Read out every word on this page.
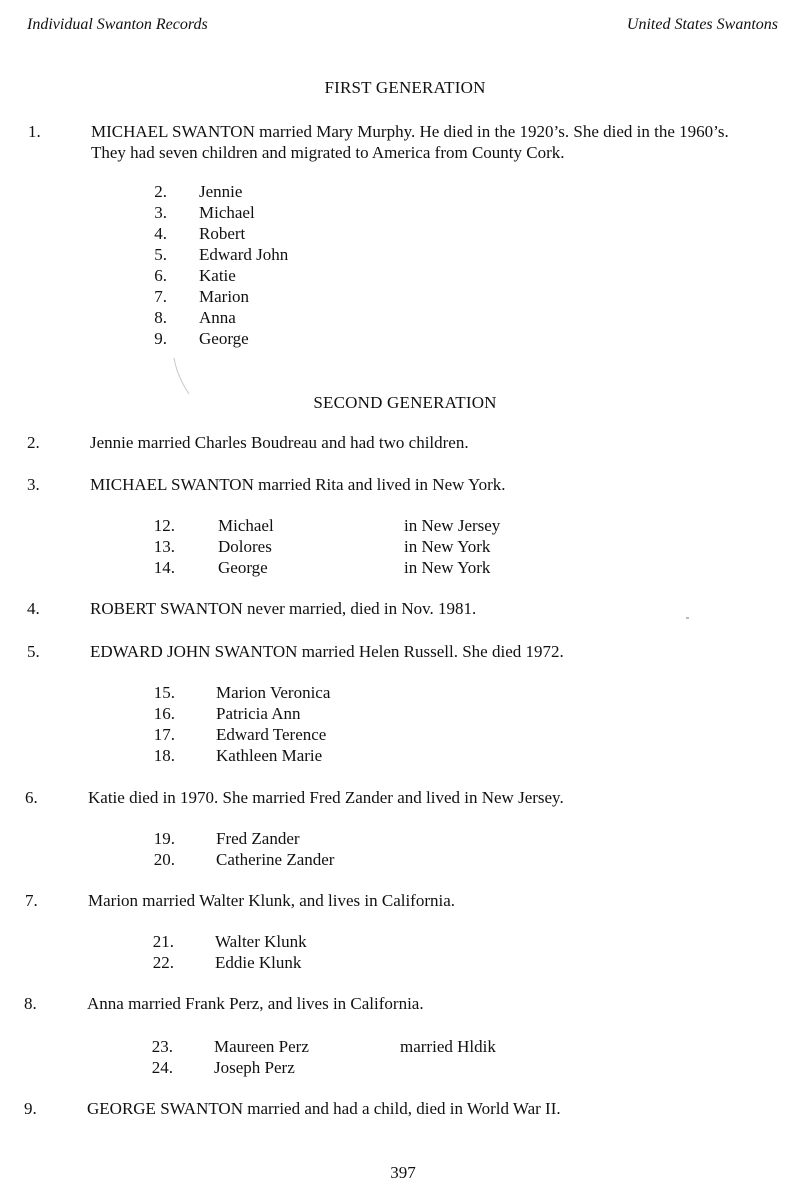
Individual Swanton Records	United States Swantons
FIRST GENERATION
1.	MICHAEL SWANTON married Mary Murphy. He died in the 1920’s. She died in the 1960’s.
They had seven children and migrated to America from County Cork.
2. Jennie
3. Michael
4. Robert
5. Edward John
6. Katie
7. Marion
8. Anna
9. George
SECOND GENERATION
2.	Jennie married Charles Boudreau and had two children.
3.	MICHAEL SWANTON married Rita and lived in New York.
12.	Michael	in New Jersey
13.	Dolores	in New York
14.	George	in New York
4.	ROBERT SWANTON never married, died in Nov. 1981.
5.	EDWARD JOHN SWANTON married Helen Russell. She died 1972.
15. Marion Veronica
16. Patricia Ann
17. Edward Terence
18. Kathleen Marie
6.	Katie died in 1970. She married Fred Zander and lived in New Jersey.
19. Fred Zander
20. Catherine Zander
7.	Marion married Walter Klunk, and lives in California.
21. Walter Klunk
22. Eddie Klunk
8.	Anna married Frank Perz, and lives in California.
23. Maureen Perz	married Hldik
24. Joseph Perz
9.	GEORGE SWANTON married and had a child, died in World War II.
397
